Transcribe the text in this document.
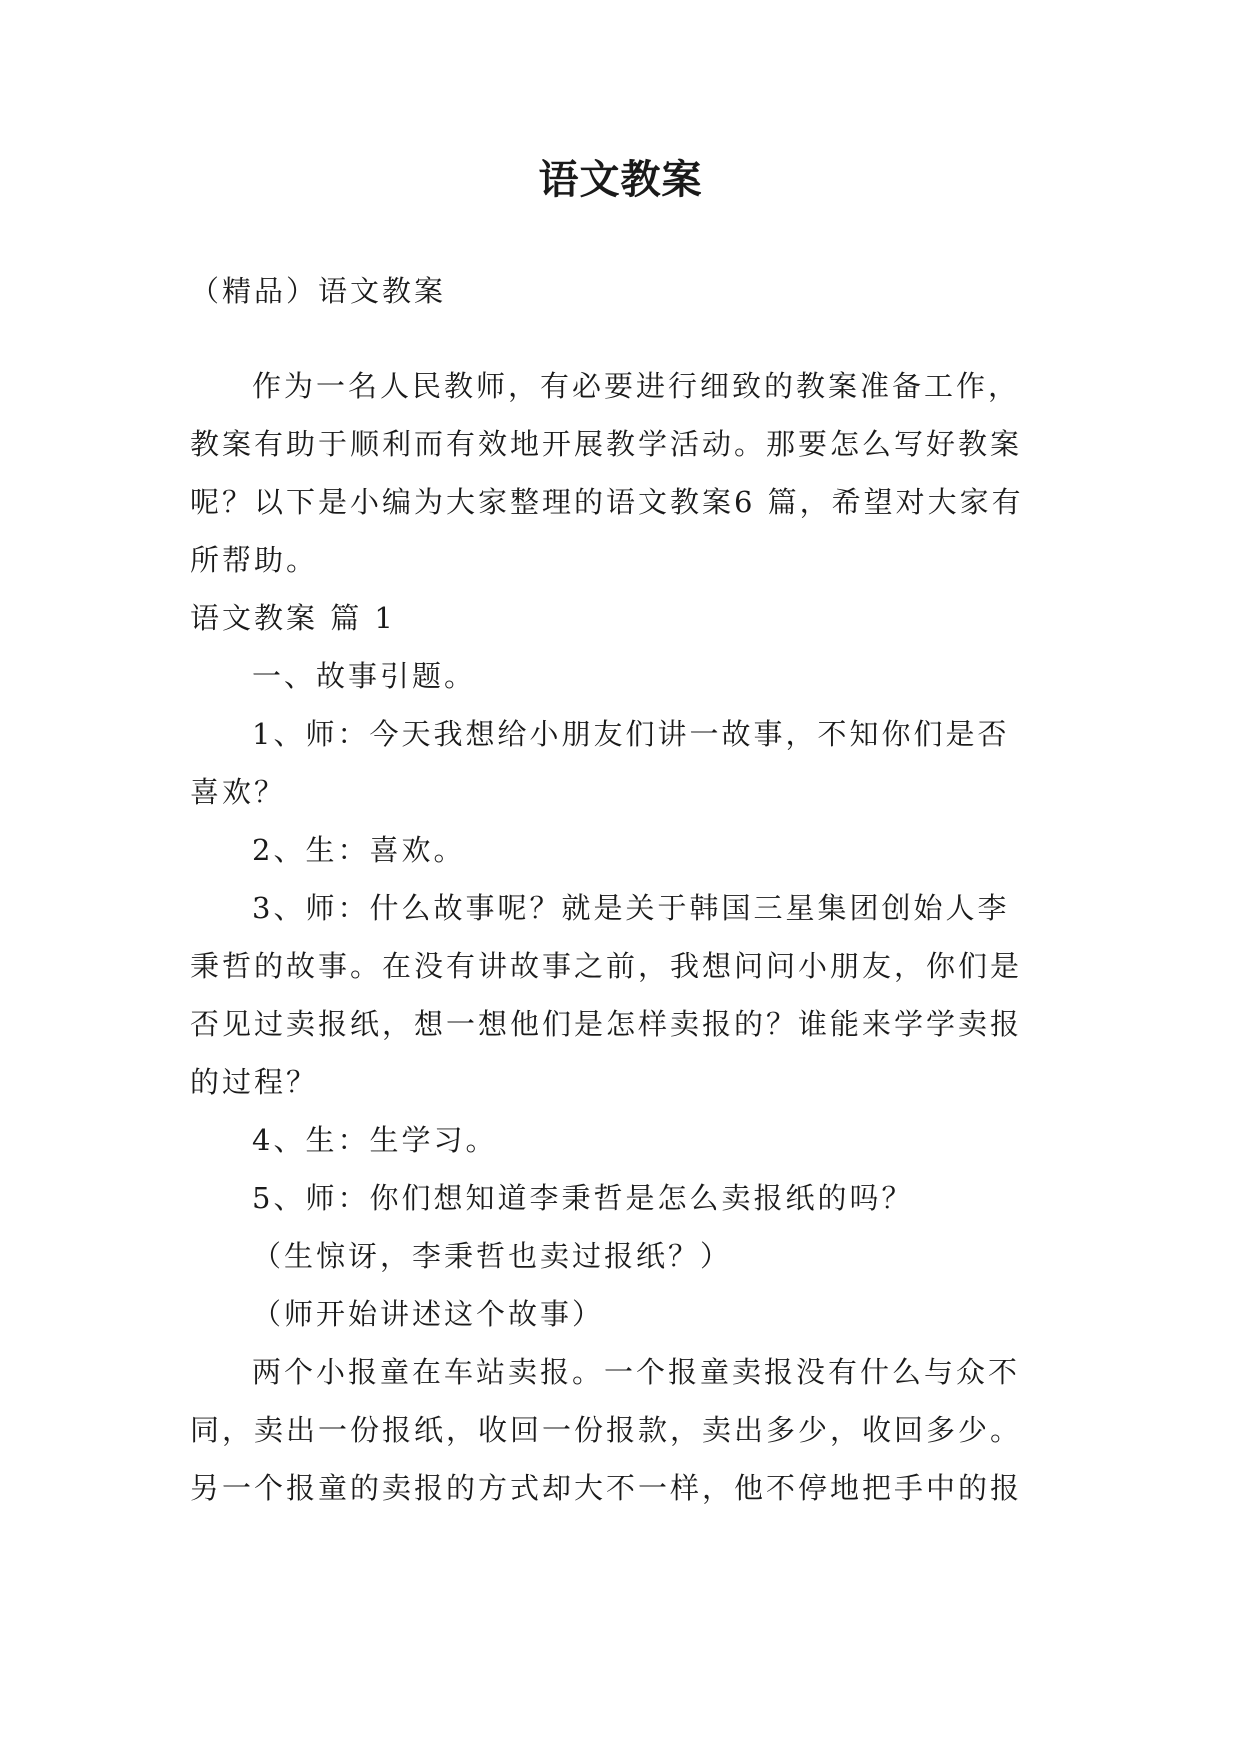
语文教案
（精品）语文教案
作为一名人民教师，有必要进行细致的教案准备工作，
教案有助于顺利而有效地开展教学活动。那要怎么写好教案
呢？以下是小编为大家整理的语文教案6 篇，希望对大家有
所帮助。
语文教案 篇 1
一、故事引题。
1、师：今天我想给小朋友们讲一故事，不知你们是否
喜欢？
2、生：喜欢。
3、师：什么故事呢？就是关于韩国三星集团创始人李
秉哲的故事。在没有讲故事之前，我想问问小朋友，你们是
否见过卖报纸，想一想他们是怎样卖报的？谁能来学学卖报
的过程？
4、生：生学习。
5、师：你们想知道李秉哲是怎么卖报纸的吗？
（生惊讶，李秉哲也卖过报纸？）
（师开始讲述这个故事）
两个小报童在车站卖报。一个报童卖报没有什么与众不
同，卖出一份报纸，收回一份报款，卖出多少，收回多少。
另一个报童的卖报的方式却大不一样，他不停地把手中的报
